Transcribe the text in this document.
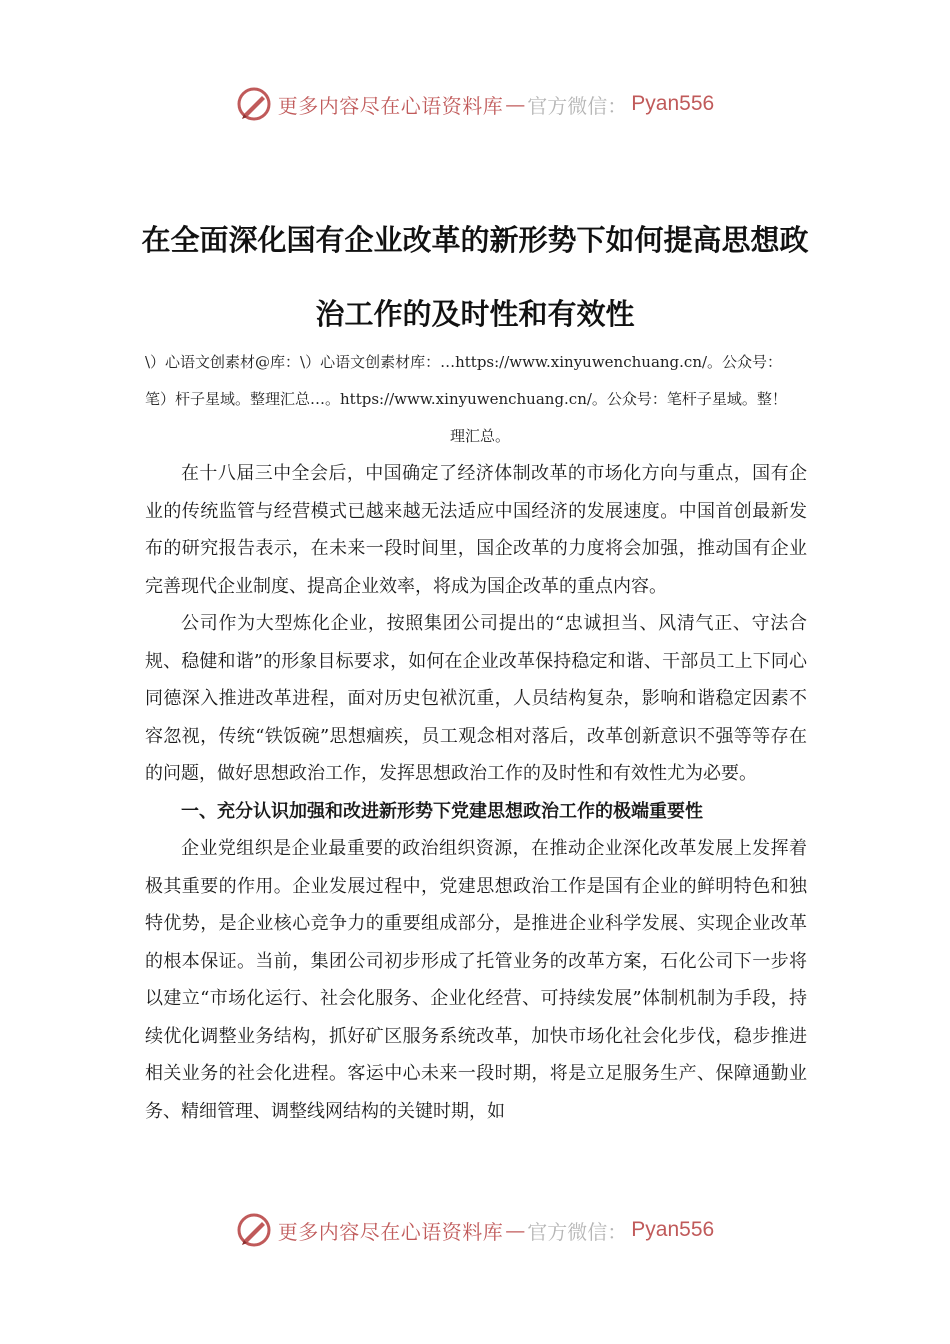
更多内容尽在心语资料库 — 官方微信： Pyan556
在全面深化国有企业改革的新形势下如何提高思想政
治工作的及时性和有效性
\）心语文创素材@库：\）心语文创素材库：…https://www.xinyuwenchuang.cn/。公众号：
笔）杆子星域。整理汇总…。https://www.xinyuwenchuang.cn/。公众号：笔杆子星域。整！
理汇总。

在十八届三中全会后，中国确定了经济体制改革的市场化方向与重点，国有企业的传统监管与经营模式已越来越无法适应中国经济的发展速度。中国首创最新发布的研究报告表示，在未来一段时间里，国企改革的力度将会加强，推动国有企业完善现代企业制度、提高企业效率，将成为国企改革的重点内容。

公司作为大型炼化企业，按照集团公司提出的“忠诚担当、风清气正、守法合规、稳健和谐”的形象目标要求，如何在企业改革保持稳定和谐、干部员工上下同心同德深入推进改革进程，面对历史包袱沉重，人员结构复杂，影响和谐稳定因素不容忽视，传统“铁饭碗”思想痼疾，员工观念相对落后，改革创新意识不强等等存在的问题，做好思想政治工作，发挥思想政治工作的及时性和有效性尤为必要。

一、充分认识加强和改进新形势下党建思想政治工作的极端重要性

企业党组织是企业最重要的政治组织资源，在推动企业深化改革发展上发挥着极其重要的作用。企业发展过程中，党建思想政治工作是国有企业的鲜明特色和独特优势，是企业核心竞争力的重要组成部分，是推进企业科学发展、实现企业改革的根本保证。当前，集团公司初步形成了托管业务的改革方案，石化公司下一步将以建立“市场化运行、社会化服务、企业化经营、可持续发展”体制机制为手段，持续优化调整业务结构，抓好矿区服务系统改革，加快市场化社会化步伐，稳步推进相关业务的社会化进程。客运中心未来一段时期，将是立足服务生产、保障通勤业务、精细管理、调整线网结构的关键时期，如

更多内容尽在心语资料库 — 官方微信： Pyan556
